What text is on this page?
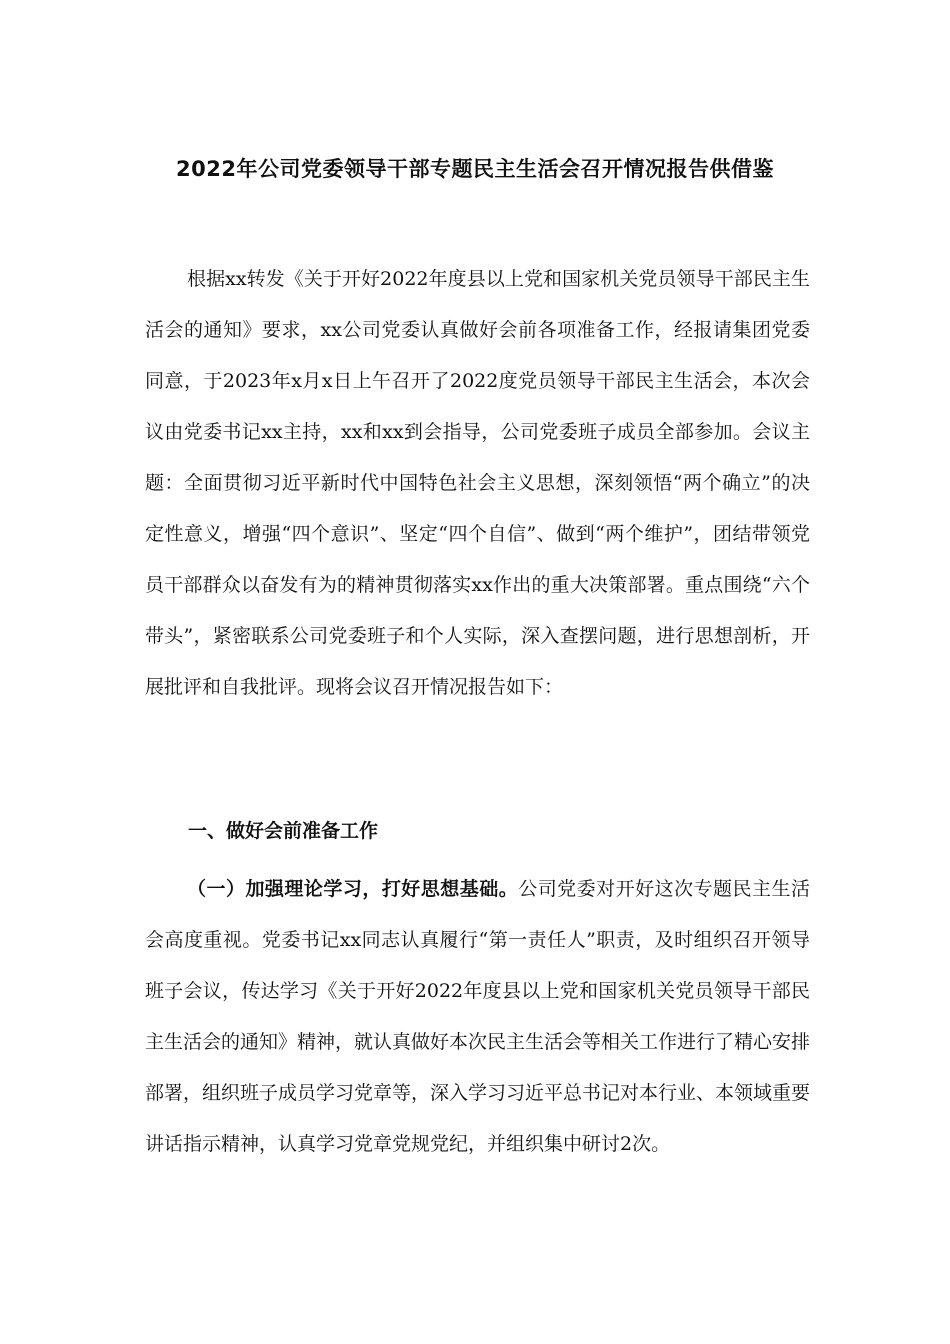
2022年公司党委领导干部专题民主生活会召开情况报告供借鉴

根据xx转发《关于开好2022年度县以上党和国家机关党员领导干部民主生活会的通知》要求，xx公司党委认真做好会前各项准备工作，经报请集团党委同意，于2023年x月x日上午召开了2022度党员领导干部民主生活会，本次会议由党委书记xx主持，xx和xx到会指导，公司党委班子成员全部参加。会议主题：全面贯彻习近平新时代中国特色社会主义思想，深刻领悟“两个确立”的决定性意义，增强“四个意识”、坚定“四个自信”、做到“两个维护”，团结带领党员干部群众以奋发有为的精神贯彻落实xx作出的重大决策部署。重点围绕“六个带头”，紧密联系公司党委班子和个人实际，深入查摆问题，进行思想剖析，开展批评和自我批评。现将会议召开情况报告如下：

一、做好会前准备工作

（一）加强理论学习，打好思想基础。公司党委对开好这次专题民主生活会高度重视。党委书记xx同志认真履行“第一责任人”职责，及时组织召开领导班子会议，传达学习《关于开好2022年度县以上党和国家机关党员领导干部民主生活会的通知》精神，就认真做好本次民主生活会等相关工作进行了精心安排部署，组织班子成员学习党章等，深入学习习近平总书记对本行业、本领域重要讲话指示精神，认真学习党章党规党纪，并组织集中研讨2次。
